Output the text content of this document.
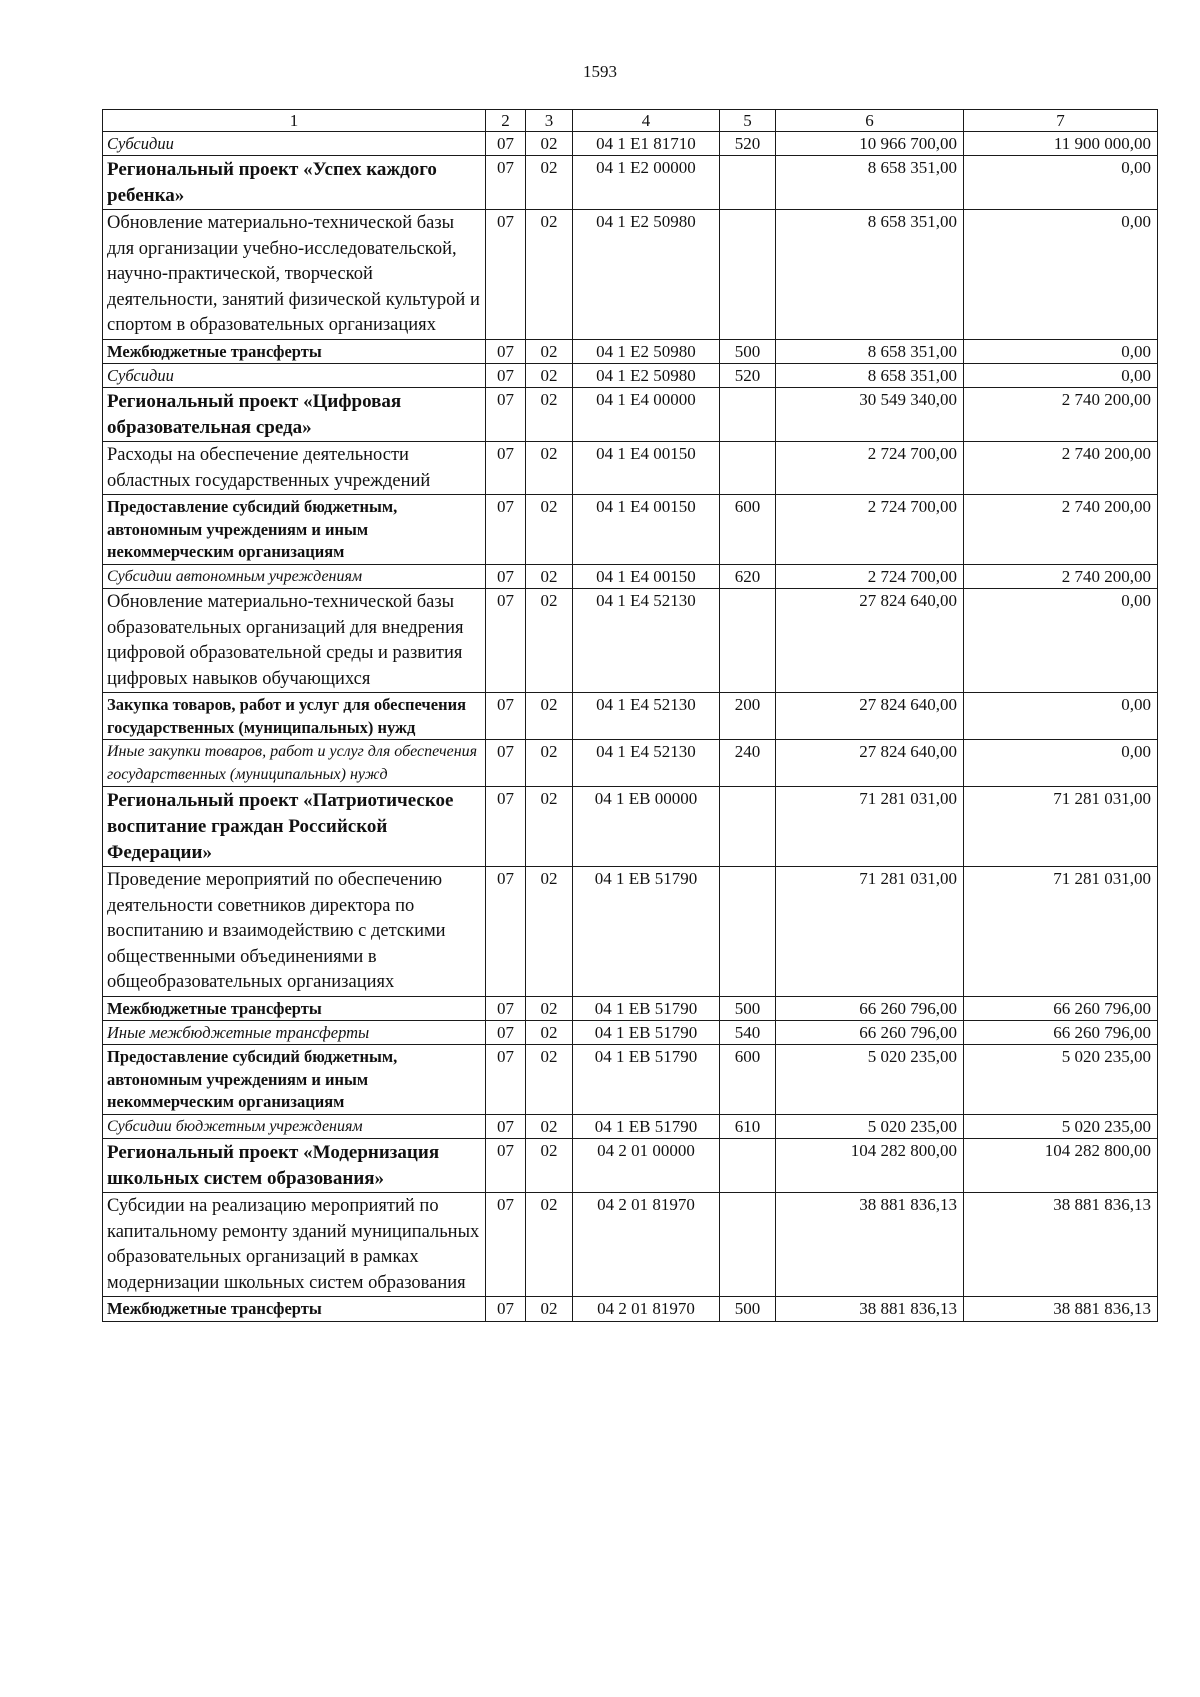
1593
1	2	3	4	5	6	7
Субсидии	07	02	04 1 E1 81710	520	10 966 700,00	11 900 000,00
Региональный проект «Успех каждого ребенка»	07	02	04 1 E2 00000		8 658 351,00	0,00
Обновление материально-технической базы для организации учебно-исследовательской, научно-практической, творческой деятельности, занятий физической культурой и спортом в образовательных организациях	07	02	04 1 E2 50980		8 658 351,00	0,00
Межбюджетные трансферты	07	02	04 1 E2 50980	500	8 658 351,00	0,00
Субсидии	07	02	04 1 E2 50980	520	8 658 351,00	0,00
Региональный проект «Цифровая образовательная среда»	07	02	04 1 E4 00000		30 549 340,00	2 740 200,00
Расходы на обеспечение деятельности областных государственных учреждений	07	02	04 1 E4 00150		2 724 700,00	2 740 200,00
Предоставление субсидий бюджетным, автономным учреждениям и иным некоммерческим организациям	07	02	04 1 E4 00150	600	2 724 700,00	2 740 200,00
Субсидии автономным учреждениям	07	02	04 1 E4 00150	620	2 724 700,00	2 740 200,00
Обновление материально-технической базы образовательных организаций для внедрения цифровой образовательной среды и развития цифровых навыков обучающихся	07	02	04 1 E4 52130		27 824 640,00	0,00
Закупка товаров, работ и услуг для обеспечения государственных (муниципальных) нужд	07	02	04 1 E4 52130	200	27 824 640,00	0,00
Иные закупки товаров, работ и услуг для обеспечения государственных (муниципальных) нужд	07	02	04 1 E4 52130	240	27 824 640,00	0,00
Региональный проект «Патриотическое воспитание граждан Российской Федерации»	07	02	04 1 EB 00000		71 281 031,00	71 281 031,00
Проведение мероприятий по обеспечению деятельности советников директора по воспитанию и взаимодействию с детскими общественными объединениями в общеобразовательных организациях	07	02	04 1 EB 51790		71 281 031,00	71 281 031,00
Межбюджетные трансферты	07	02	04 1 EB 51790	500	66 260 796,00	66 260 796,00
Иные межбюджетные трансферты	07	02	04 1 EB 51790	540	66 260 796,00	66 260 796,00
Предоставление субсидий бюджетным, автономным учреждениям и иным некоммерческим организациям	07	02	04 1 EB 51790	600	5 020 235,00	5 020 235,00
Субсидии бюджетным учреждениям	07	02	04 1 EB 51790	610	5 020 235,00	5 020 235,00
Региональный проект «Модернизация школьных систем образования»	07	02	04 2 01 00000		104 282 800,00	104 282 800,00
Субсидии на реализацию мероприятий по капитальному ремонту зданий муниципальных образовательных организаций в рамках модернизации школьных систем образования	07	02	04 2 01 81970		38 881 836,13	38 881 836,13
Межбюджетные трансферты	07	02	04 2 01 81970	500	38 881 836,13	38 881 836,13
